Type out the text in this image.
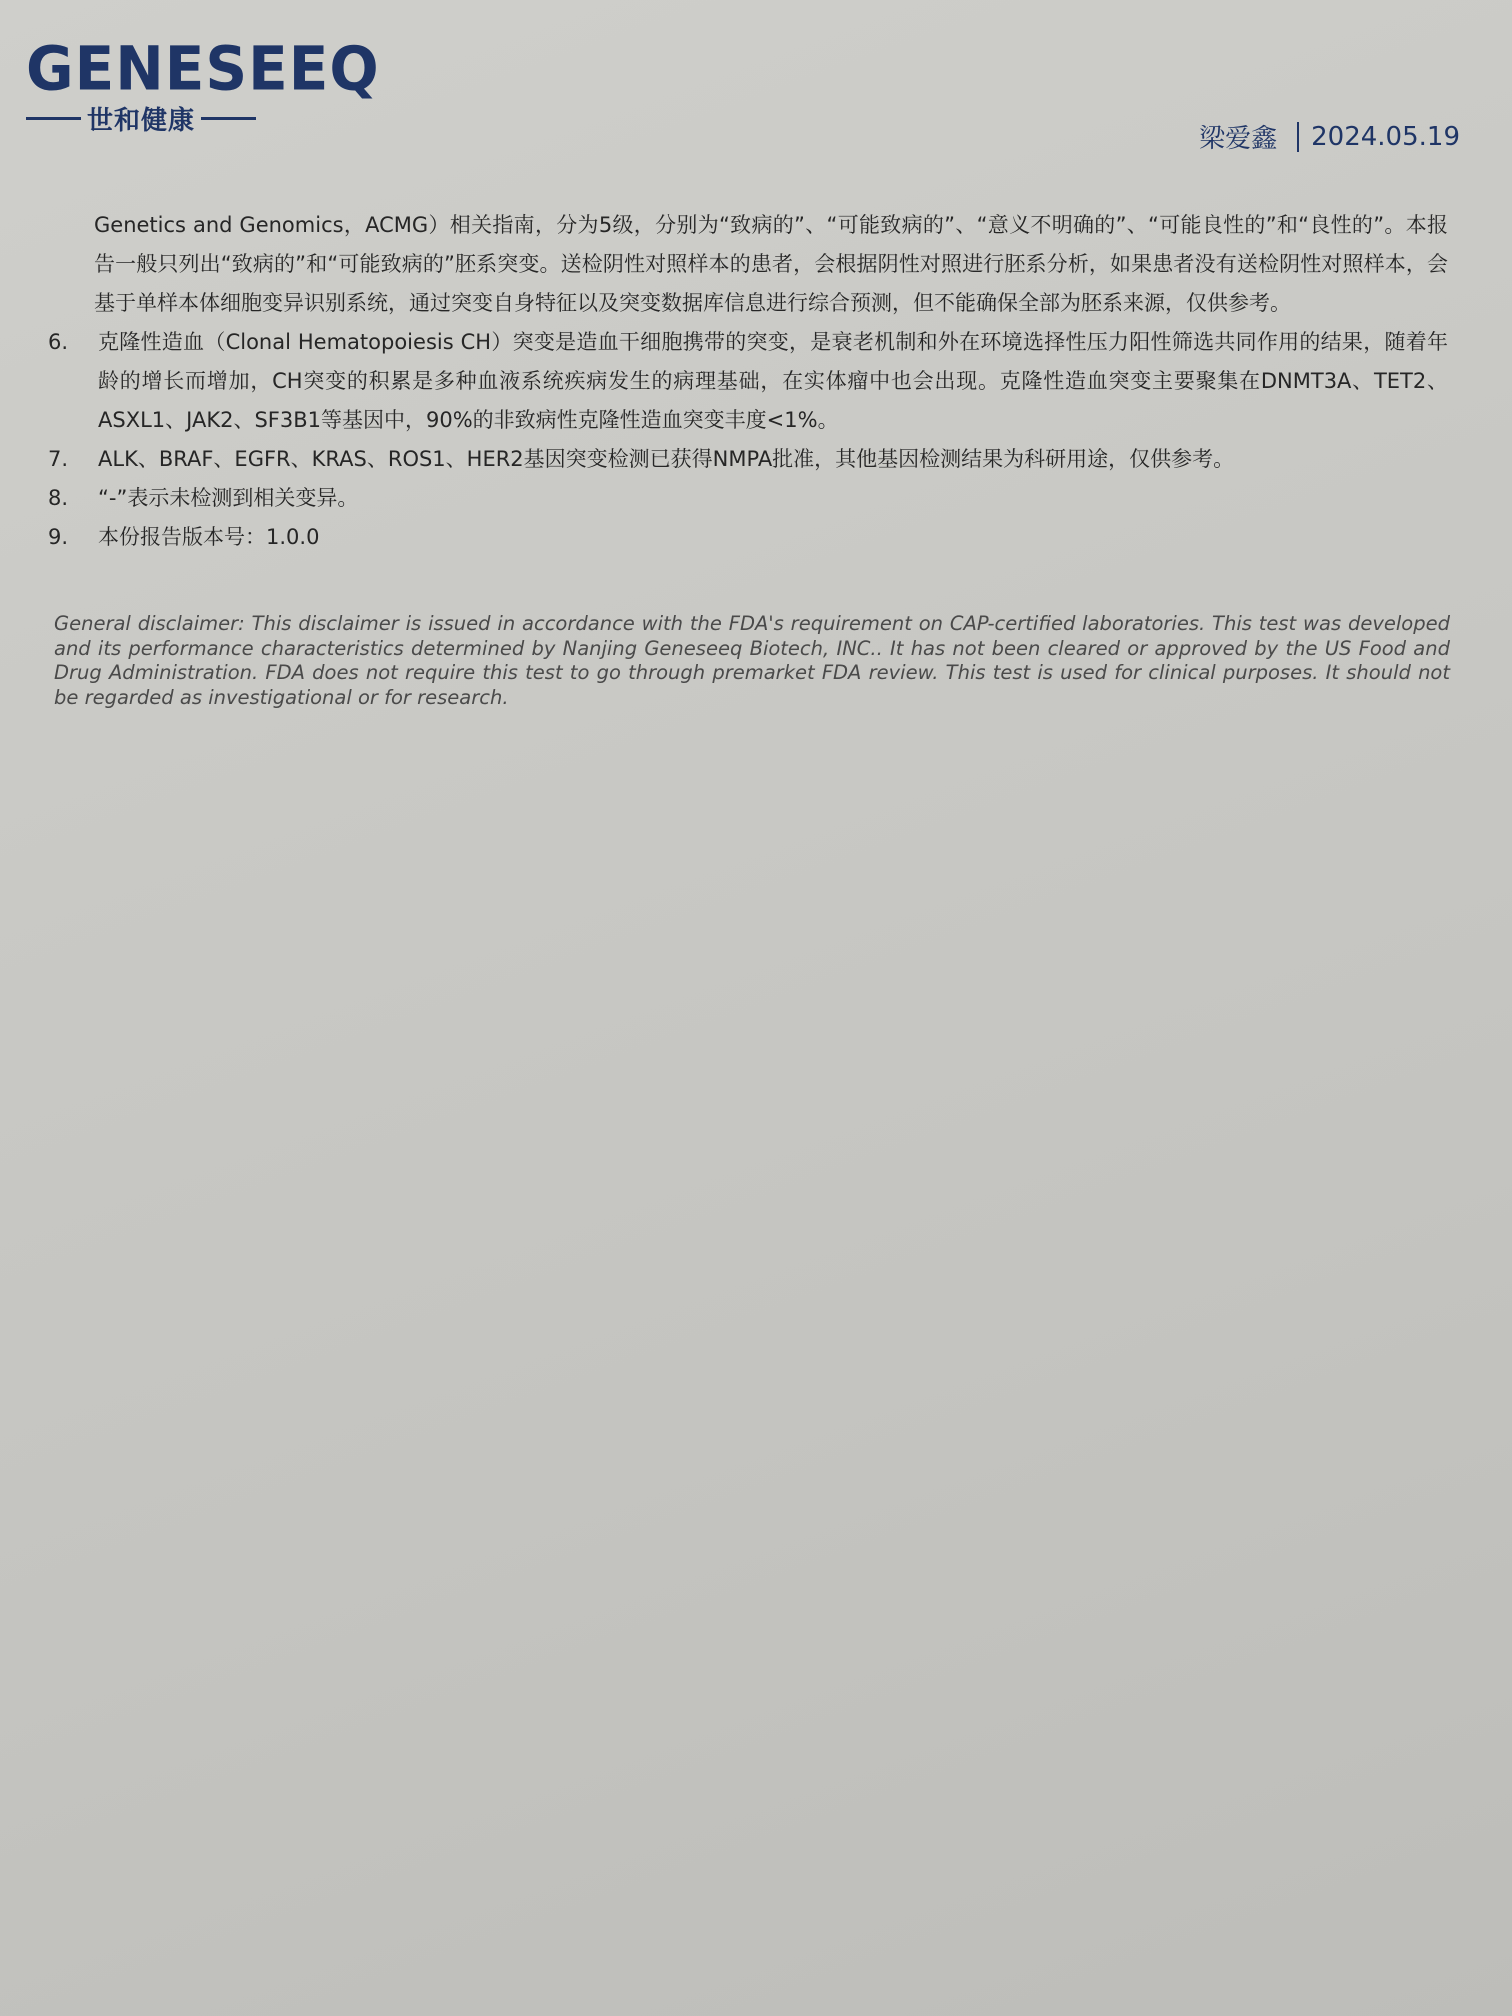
GENESEEQ
世和健康
梁爱鑫 2024.05.19
Genetics and Genomics，ACMG）相关指南，分为5级，分别为“致病的”、“可能致病的”、“意义不明确的”、“可能良性的”和“良性的”。本报告一般只列出“致病的”和“可能致病的”胚系突变。送检阴性对照样本的患者，会根据阴性对照进行胚系分析，如果患者没有送检阴性对照样本，会基于单样本体细胞变异识别系统，通过突变自身特征以及突变数据库信息进行综合预测，但不能确保全部为胚系来源，仅供参考。
6.	克隆性造血（Clonal Hematopoiesis CH）突变是造血干细胞携带的突变，是衰老机制和外在环境选择性压力阳性筛选共同作用的结果，随着年龄的增长而增加，CH突变的积累是多种血液系统疾病发生的病理基础，在实体瘤中也会出现。克隆性造血突变主要聚集在DNMT3A、TET2、ASXL1、JAK2、SF3B1等基因中，90%的非致病性克隆性造血突变丰度<1%。
7.	ALK、BRAF、EGFR、KRAS、ROS1、HER2基因突变检测已获得NMPA批准，其他基因检测结果为科研用途，仅供参考。
8.	“-”表示未检测到相关变异。
9.	本份报告版本号：1.0.0
General disclaimer: This disclaimer is issued in accordance with the FDA's requirement on CAP-certified laboratories. This test was developed and its performance characteristics determined by Nanjing Geneseeq Biotech, INC.. It has not been cleared or approved by the US Food and Drug Administration. FDA does not require this test to go through premarket FDA review. This test is used for clinical purposes. It should not be regarded as investigational or for research.
